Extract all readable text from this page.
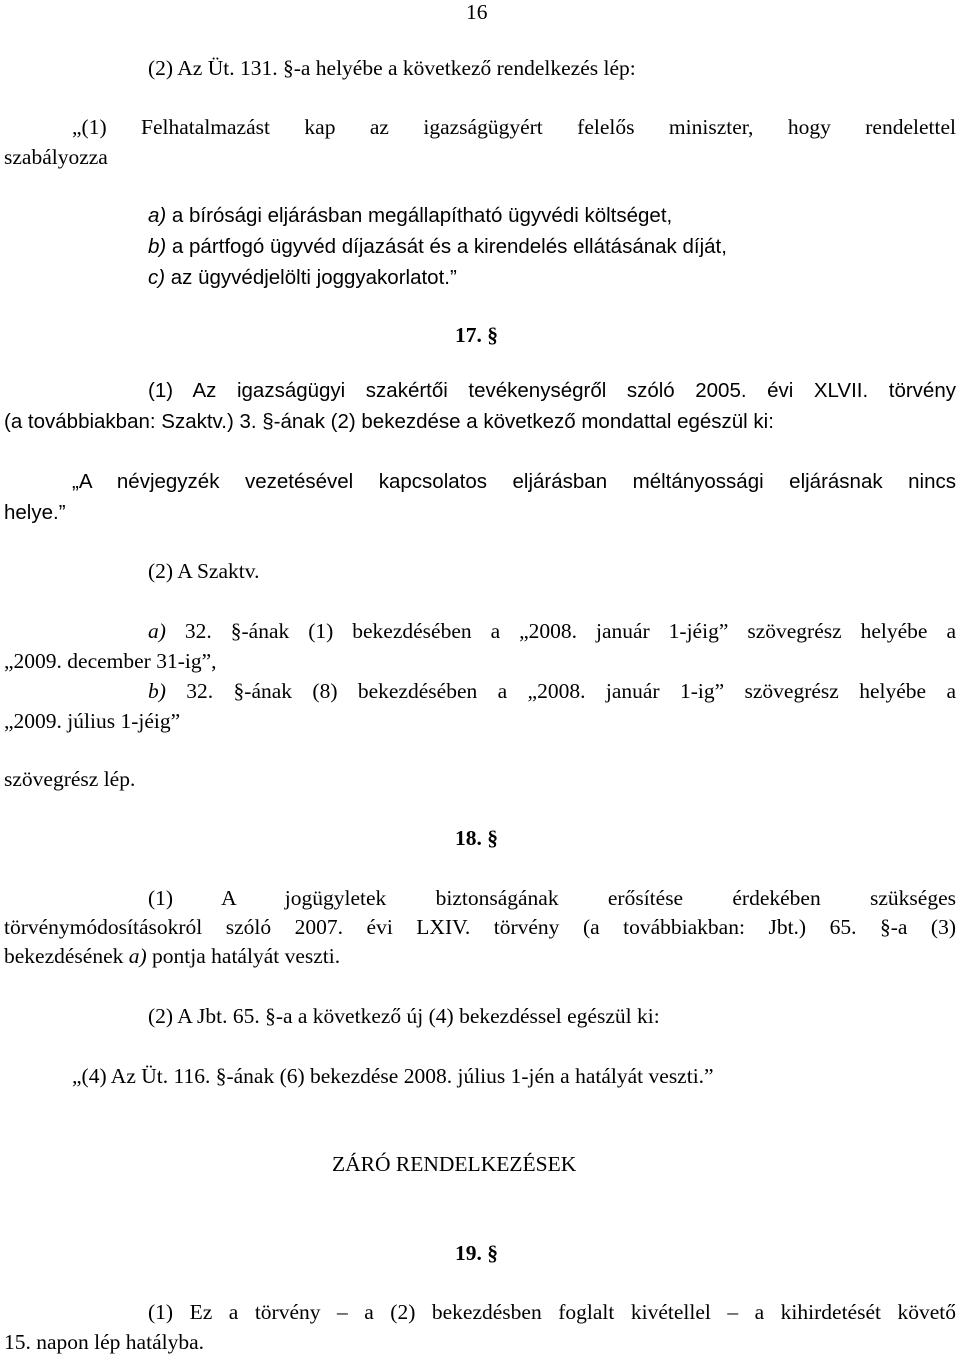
16
(2) Az Üt. 131. §-a helyébe a következő rendelkezés lép:
„(1) Felhatalmazást kap az igazságügyért felelős miniszter, hogy rendelettel
szabályozza
a) a bírósági eljárásban megállapítható ügyvédi költséget,
b) a pártfogó ügyvéd díjazását és a kirendelés ellátásának díját,
c) az ügyvédjelölti joggyakorlatot.”
17. §
(1) Az igazságügyi szakértői tevékenységről szóló 2005. évi XLVII. törvény
(a továbbiakban: Szaktv.) 3. §-ának (2) bekezdése a következő mondattal egészül ki:
„A névjegyzék vezetésével kapcsolatos eljárásban méltányossági eljárásnak nincs
helye.”
(2) A Szaktv.
a) 32. §-ának (1) bekezdésében a „2008. január 1-jéig” szövegrész helyébe a
„2009. december 31-ig”,
b) 32. §-ának (8) bekezdésében a „2008. január 1-ig” szövegrész helyébe a
„2009. július 1-jéig”
szövegrész lép.
18. §
(1) A jogügyletek biztonságának erősítése érdekében szükséges
törvénymódosításokról szóló 2007. évi LXIV. törvény (a továbbiakban: Jbt.) 65. §-a (3)
bekezdésének a) pontja hatályát veszti.
(2) A Jbt. 65. §-a a következő új (4) bekezdéssel egészül ki:
„(4) Az Üt. 116. §-ának (6) bekezdése 2008. július 1-jén a hatályát veszti.”
ZÁRÓ RENDELKEZÉSEK
19. §
(1) Ez a törvény – a (2) bekezdésben foglalt kivétellel – a kihirdetését követő
15. napon lép hatályba.
